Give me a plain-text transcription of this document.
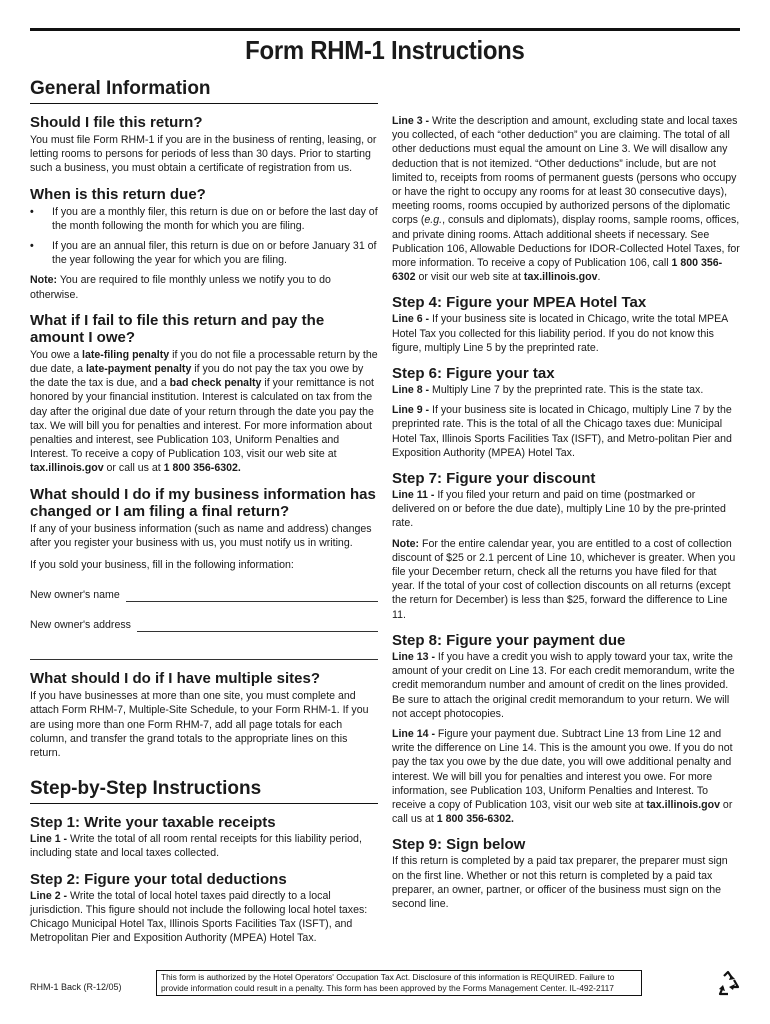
Form RHM-1 Instructions
General Information
Should I file this return?

You must file Form RHM-1 if you are in the business of renting, leasing, or letting rooms to persons for periods of less than 30 days. Prior to starting such a business, you must obtain a certificate of registration from us.

When is this return due?
•	If you are a monthly filer, this return is due on or before the last day of the month following the month for which you are filing.
•	If you are an annual filer, this return is due on or before January 31 of the year following the year for which you are filing.

Note: You are required to file monthly unless we notify you to do otherwise.

What if I fail to file this return and pay the amount I owe?

You owe a late-filing penalty if you do not file a processable return by the due date, a late-payment penalty if you do not pay the tax you owe by the date the tax is due, and a bad check penalty if your remittance is not honored by your financial institution. Interest is calculated on tax from the day after the original due date of your return through the date you pay the tax. We will bill you for penalties and interest. For more information about penalties and interest, see Publication 103, Uniform Penalties and Interest. To receive a copy of Publication 103, visit our web site at tax.illinois.gov or call us at 1 800 356-6302.

What should I do if my business information has changed or I am filing a final return?

If any of your business information (such as name and address) changes after you register your business with us, you must notify us in writing.

If you sold your business, fill in the following information:

New owner's name
New owner's address
What should I do if I have multiple sites?

If you have businesses at more than one site, you must complete and attach Form RHM-7, Multiple-Site Schedule, to your Form RHM-1. If you are using more than one Form RHM-7, add all page totals for each column, and transfer the grand totals to the appropriate lines on this return.

Step-by-Step Instructions
Step 1: Write your taxable receipts

Line 1 - Write the total of all room rental receipts for this liability period, including state and local taxes collected.

Step 2: Figure your total deductions

Line 2 - Write the total of local hotel taxes paid directly to a local jurisdiction. This figure should not include the following local hotel taxes: Chicago Municipal Hotel Tax, Illinois Sports Facilities Tax (ISFT), and Metropolitan Pier and Exposition Authority (MPEA) Hotel Tax.

Line 3 - Write the description and amount, excluding state and local taxes you collected, of each “other deduction” you are claiming. The total of all other deductions must equal the amount on Line 3. We will disallow any deduction that is not itemized. “Other deductions” include, but are not limited to, receipts from rooms of permanent guests (persons who occupy or have the right to occupy any rooms for at least 30 consecutive days), meeting rooms, rooms occupied by authorized persons of the diplomatic corps (e.g., consuls and diplomats), display rooms, sample rooms, offices, and private dining rooms. Attach additional sheets if necessary. See Publication 106, Allowable Deductions for IDOR-Collected Hotel Taxes, for more information. To receive a copy of Publication 106, call 1 800 356-6302 or visit our web site at tax.illinois.gov.

Step 4: Figure your MPEA Hotel Tax

Line 6 - If your business site is located in Chicago, write the total MPEA Hotel Tax you collected for this liability period. If you do not know this figure, multiply Line 5 by the preprinted rate.

Step 6: Figure your tax

Line 8 - Multiply Line 7 by the preprinted rate. This is the state tax.

Line 9 - If your business site is located in Chicago, multiply Line 7 by the preprinted rate. This is the total of all the Chicago taxes due: Municipal Hotel Tax, Illinois Sports Facilities Tax (ISFT), and Metro-politan Pier and Exposition Authority (MPEA) Hotel Tax.

Step 7: Figure your discount

Line 11 - If you filed your return and paid on time (postmarked or delivered on or before the due date), multiply Line 10 by the pre-printed rate.

Note: For the entire calendar year, you are entitled to a cost of collection discount of $25 or 2.1 percent of Line 10, whichever is greater. When you file your December return, check all the returns you have filed for that year. If the total of your cost of collection discounts on all returns (except the return for December) is less than $25, forward the difference to Line 11.

Step 8: Figure your payment due

Line 13 - If you have a credit you wish to apply toward your tax, write the amount of your credit on Line 13. For each credit memorandum, write the credit memorandum number and amount of credit on the lines provided. Be sure to attach the original credit memorandum to your return. We will not accept photocopies.

Line 14 - Figure your payment due. Subtract Line 13 from Line 12 and write the difference on Line 14. This is the amount you owe. If you do not pay the tax you owe by the due date, you will owe additional penalty and interest. We will bill you for penalties and interest you owe. For more information, see Publication 103, Uniform Penalties and Interest. To receive a copy of Publication 103, visit our web site at tax.illinois.gov or call us at 1 800 356-6302.

Step 9: Sign below

If this return is completed by a paid tax preparer, the preparer must sign on the first line. Whether or not this return is completed by a paid tax preparer, an owner, partner, or officer of the business must sign on the second line.

RHM-1 Back (R-12/05)
This form is authorized by the Hotel Operators' Occupation Tax Act. Disclosure of this information is REQUIRED. Failure to provide information could result in a penalty. This form has been approved by the Forms Management Center. IL-492-2117
